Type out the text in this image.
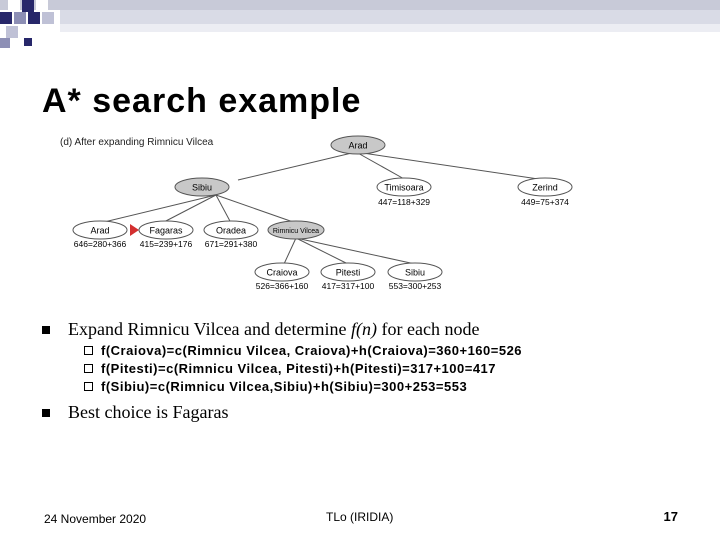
A* search example
(d) After expanding Rimnicu Vilcea	Arad
Sibiu	Timisoara
447=118+329
Zerind
449=75+374
Arad
646=280+366
Fagaras
415=239+176
Oradea
671=291+380
Rimnicu Vilcea
Craiova
526=366+160
Pitesti
417=317+100
Sibiu
553=300+253
Expand Rimnicu Vilcea and determine f(n) for each node
f(Craiova)=c(Rimnicu Vilcea, Craiova)+h(Craiova)=360+160=526
f(Pitesti)=c(Rimnicu Vilcea, Pitesti)+h(Pitesti)=317+100=417
f(Sibiu)=c(Rimnicu Vilcea,Sibiu)+h(Sibiu)=300+253=553
Best choice is Fagaras
24 November 2020	TLo (IRIDIA)	17
